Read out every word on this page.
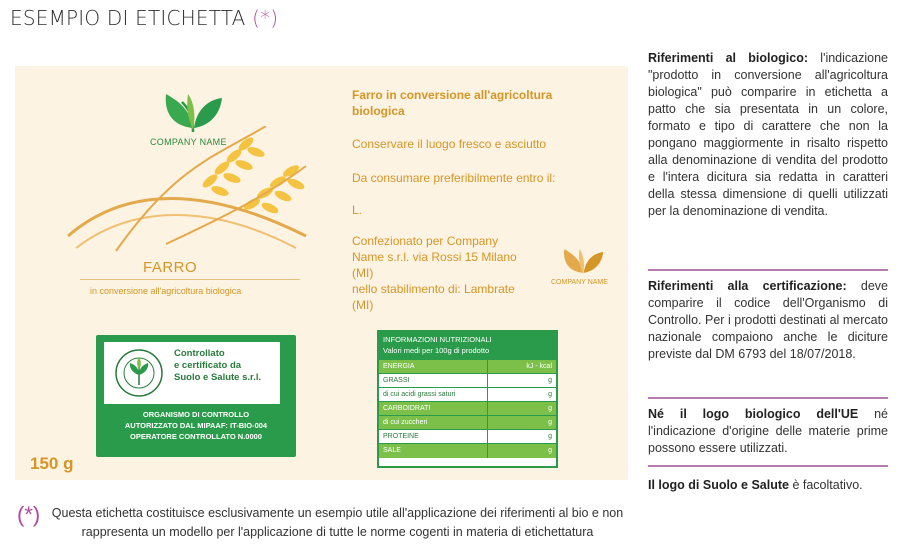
ESEMPIO DI ETICHETTA (*)
COMPANY NAME
FARRO
in conversione all'agricoltura biologica
Controllato
e certificato da
Suolo e Salute s.r.l.
ORGANISMO DI CONTROLLO
AUTORIZZATO DAL MIPAAF: IT-BIO-004
OPERATORE CONTROLLATO N.0000
150 g
Farro in conversione all'agricoltura
biologica
Conservare il luogo fresco e asciutto
Da consumare preferibilmente entro il:
L.
Confezionato per Company
Name s.r.l. via Rossi 15 Milano
(MI)
nello stabilimento di: Lambrate
(MI)
COMPANY NAME
INFORMAZIONI NUTRIZIONALI
Valori medi per 100g di prodotto
ENERGIA	kJ - kcal
GRASSI	g
di cui acidi grassi saturi	g
CARBOIDRATI	g
di cui zuccheri	g
PROTEINE	g
SALE	g
(*) Questa etichetta costituisce esclusivamente un esempio utile all'applicazione dei riferimenti al bio e non
rappresenta un modello per l'applicazione di tutte le norme cogenti in materia di etichettatura
Riferimenti al biologico: l'indicazione "prodotto in conversione all'agricoltura biologica" può comparire in etichetta a patto che sia presentata in un colore, formato e tipo di carattere che non la pongano maggiormente in risalto rispetto alla denominazione di vendita del prodotto e l'intera dicitura sia redatta in caratteri della stessa dimensione di quelli utilizzati per la denominazione di vendita.
Riferimenti alla certificazione: deve comparire il codice dell'Organismo di Controllo. Per i prodotti destinati al mercato nazionale compaiono anche le diciture previste dal DM 6793 del 18/07/2018.
Né il logo biologico dell'UE né l'indicazione d'origine delle materie prime possono essere utilizzati.
Il logo di Suolo e Salute è facoltativo.
